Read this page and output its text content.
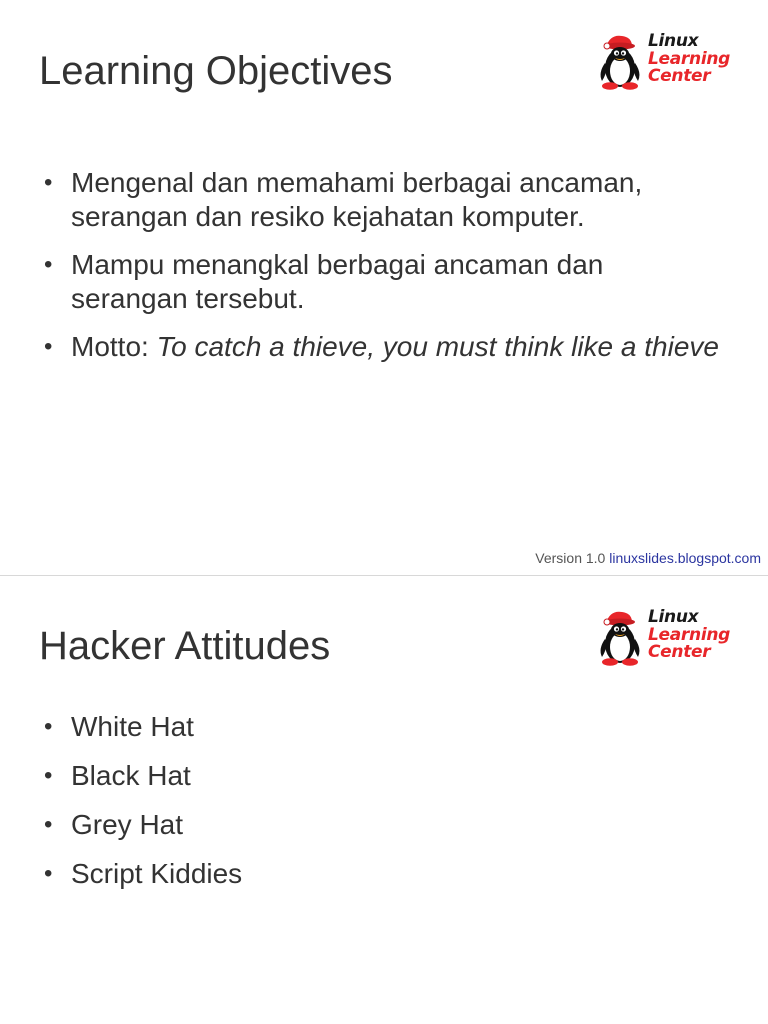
Learning Objectives
Linux
Learning
Center
• Mengenal dan memahami berbagai ancaman, serangan dan resiko kejahatan komputer.
• Mampu menangkal berbagai ancaman dan serangan tersebut.
• Motto: To catch a thieve, you must think like a thieve
Version 1.0 linuxslides.blogspot.com
Hacker Attitudes
Linux
Learning
Center
• White Hat
• Black Hat
• Grey Hat
• Script Kiddies
